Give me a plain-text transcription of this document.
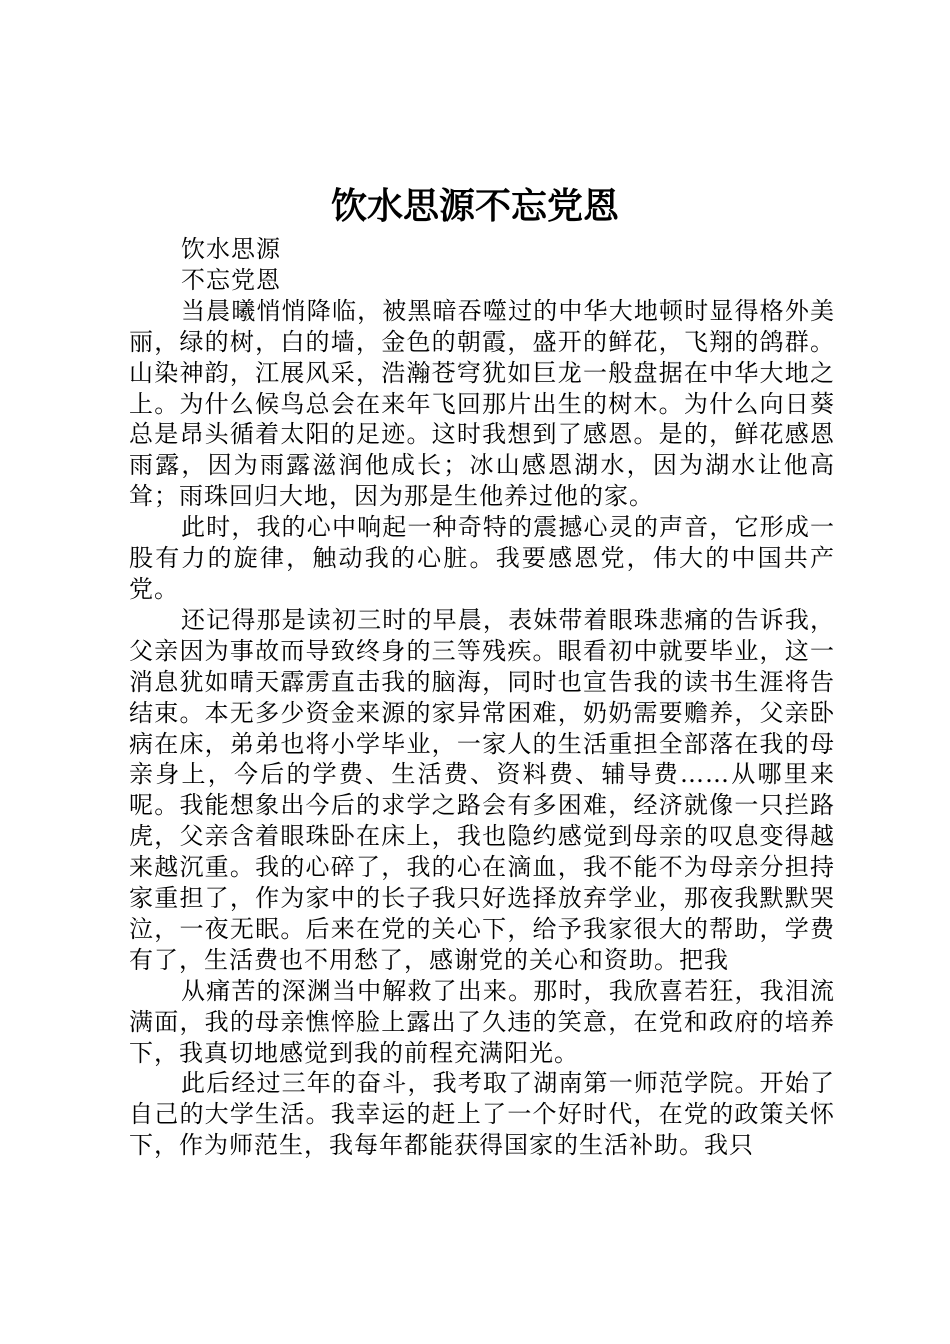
饮水思源不忘党恩

饮水思源

不忘党恩

当晨曦悄悄降临，被黑暗吞噬过的中华大地顿时显得格外美丽，绿的树，白的墙，金色的朝霞，盛开的鲜花，飞翔的鸽群。山染神韵，江展风采，浩瀚苍穹犹如巨龙一般盘据在中华大地之上。为什么候鸟总会在来年飞回那片出生的树木。为什么向日葵总是昂头循着太阳的足迹。这时我想到了感恩。是的，鲜花感恩雨露，因为雨露滋润他成长；冰山感恩湖水，因为湖水让他高耸；雨珠回归大地，因为那是生他养过他的家。

此时，我的心中响起一种奇特的震撼心灵的声音，它形成一股有力的旋律，触动我的心脏。我要感恩党，伟大的中国共产党。

还记得那是读初三时的早晨，表妹带着眼珠悲痛的告诉我，父亲因为事故而导致终身的三等残疾。眼看初中就要毕业，这一消息犹如晴天霹雳直击我的脑海，同时也宣告我的读书生涯将告结束。本无多少资金来源的家异常困难，奶奶需要赡养，父亲卧病在床，弟弟也将小学毕业，一家人的生活重担全部落在我的母亲身上，今后的学费、生活费、资料费、辅导费……从哪里来呢。我能想象出今后的求学之路会有多困难，经济就像一只拦路虎，父亲含着眼珠卧在床上，我也隐约感觉到母亲的叹息变得越来越沉重。我的心碎了，我的心在滴血，我不能不为母亲分担持家重担了，作为家中的长子我只好选择放弃学业，那夜我默默哭泣，一夜无眠。后来在党的关心下，给予我家很大的帮助，学费有了，生活费也不用愁了，感谢党的关心和资助。把我

从痛苦的深渊当中解救了出来。那时，我欣喜若狂，我泪流满面，我的母亲憔悴脸上露出了久违的笑意，在党和政府的培养下，我真切地感觉到我的前程充满阳光。

此后经过三年的奋斗，我考取了湖南第一师范学院。开始了自己的大学生活。我幸运的赶上了一个好时代，在党的政策关怀下，作为师范生，我每年都能获得国家的生活补助。我只
